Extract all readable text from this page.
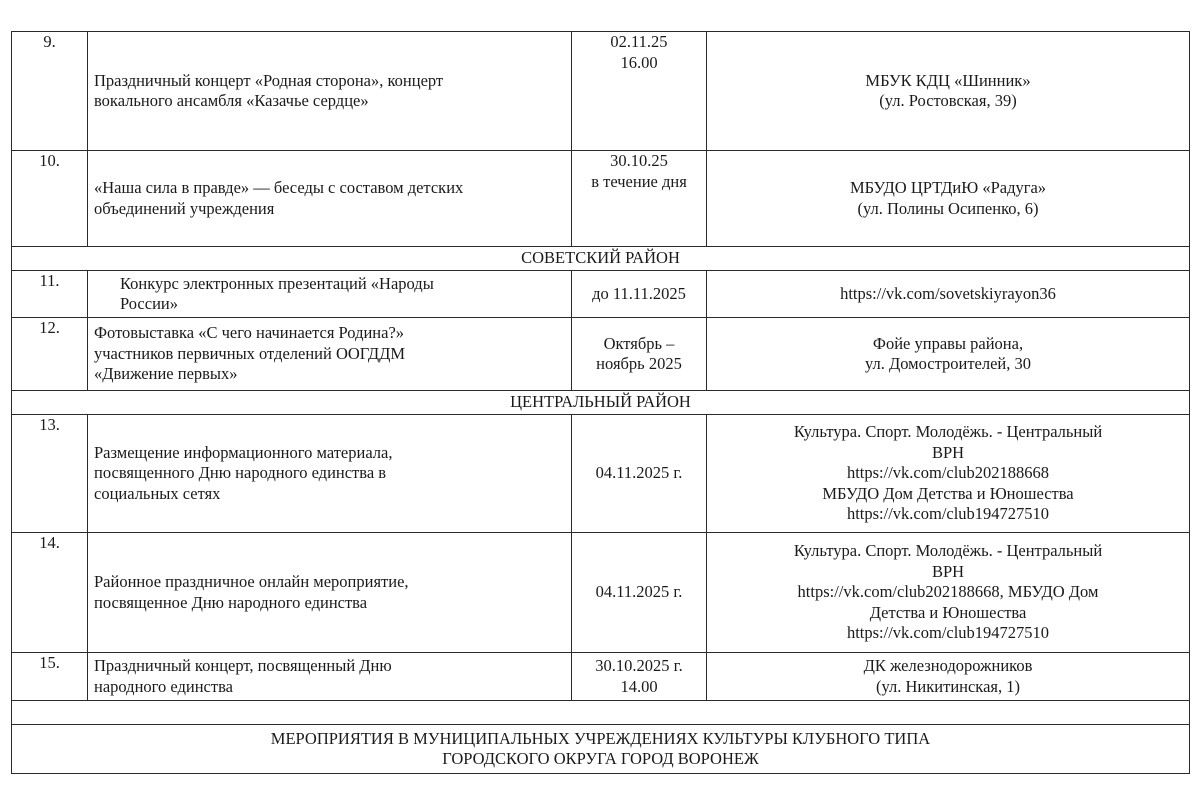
9.	Праздничный концерт «Родная сторона», концерт
вокального ансамбля «Казачье сердце»	02.11.25
16.00	МБУК КДЦ «Шинник»
(ул. Ростовская, 39)

10.	«Наша сила в правде» — беседы с составом детских
объединений учреждения	30.10.25
в течение дня	МБУДО ЦРТДиЮ «Радуга»
(ул. Полины Осипенко, 6)

СОВЕТСКИЙ РАЙОН			
11.	Конкурс электронных презентаций «Народы
России»	до 11.11.2025	https://vk.com/sovetskiyrayon36

12.	Фотовыставка «С чего начинается Родина?»
участников первичных отделений ООГДДМ
«Движение первых»	Октябрь –
ноябрь 2025	Фойе управы района,
ул. Домостроителей, 30

ЦЕНТРАЛЬНЫЙ РАЙОН			
13.	Размещение информационного материала,
посвященного Дню народного единства в
социальных сетях	04.11.2025 г.	Культура. Спорт. Молодёжь. - Центральный
ВРН
https://vk.com/club202188668
МБУДО Дом Детства и Юношества
https://vk.com/club194727510

14.	Районное праздничное онлайн мероприятие,
посвященное Дню народного единства	04.11.2025 г.	Культура. Спорт. Молодёжь. - Центральный
ВРН
https://vk.com/club202188668, МБУДО Дом
Детства и Юношества
https://vk.com/club194727510

15.	Праздничный концерт, посвященный Дню
народного единства	30.10.2025 г.
14.00	ДК железнодорожников
(ул. Никитинская, 1)

МЕРОПРИЯТИЯ В МУНИЦИПАЛЬНЫХ УЧРЕЖДЕНИЯХ КУЛЬТУРЫ КЛУБНОГО ТИПА
ГОРОДСКОГО ОКРУГА ГОРОД ВОРОНЕЖ			
